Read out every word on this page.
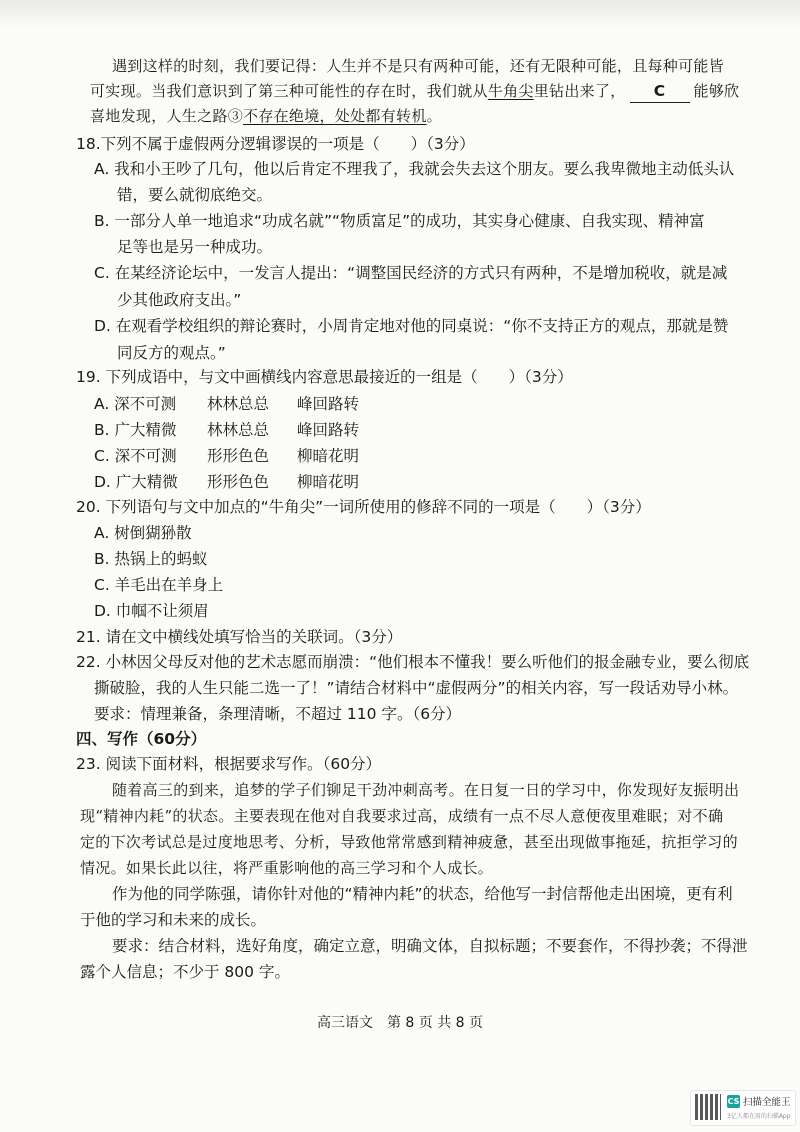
遇到这样的时刻，我们要记得：人生并不是只有两种可能，还有无限种可能，且每种可能皆
可实现。当我们意识到了第三种可能性的存在时，我们就从牛角尖里钻出来了， C 能够欣
喜地发现，人生之路③不存在绝境，处处都有转机。
18.下列不属于虚假两分逻辑谬误的一项是（　　）（3分）
A. 我和小王吵了几句，他以后肯定不理我了，我就会失去这个朋友。要么我卑微地主动低头认
错，要么就彻底绝交。
B. 一部分人单一地追求“功成名就”“物质富足”的成功，其实身心健康、自我实现、精神富
足等也是另一种成功。
C. 在某经济论坛中，一发言人提出：“调整国民经济的方式只有两种，不是增加税收，就是减
少其他政府支出。”
D. 在观看学校组织的辩论赛时，小周肯定地对他的同桌说：“你不支持正方的观点，那就是赞
同反方的观点。”
19. 下列成语中，与文中画横线内容意思最接近的一组是（　　）（3分）
A. 深不可测 林林总总 峰回路转
B. 广大精微 林林总总 峰回路转
C. 深不可测 形形色色 柳暗花明
D. 广大精微 形形色色 柳暗花明
20. 下列语句与文中加点的“牛角尖”一词所使用的修辞不同的一项是（　　）（3分）
A. 树倒猢狲散
B. 热锅上的蚂蚁
C. 羊毛出在羊身上
D. 巾帼不让须眉
21. 请在文中横线处填写恰当的关联词。（3分）
22. 小林因父母反对他的艺术志愿而崩溃：“他们根本不懂我！要么听他们的报金融专业，要么彻底
撕破脸，我的人生只能二选一了！”请结合材料中“虚假两分”的相关内容，写一段话劝导小林。
要求：情理兼备，条理清晰，不超过 110 字。（6分）
四、写作（60分）
23. 阅读下面材料，根据要求写作。（60分）
随着高三的到来，追梦的学子们铆足干劲冲刺高考。在日复一日的学习中，你发现好友振明出
现“精神内耗”的状态。主要表现在他对自我要求过高，成绩有一点不尽人意便夜里难眠；对不确
定的下次考试总是过度地思考、分析，导致他常常感到精神疲惫，甚至出现做事拖延，抗拒学习的
情况。如果长此以往，将严重影响他的高三学习和个人成长。
作为他的同学陈强，请你针对他的“精神内耗”的状态，给他写一封信帮他走出困境，更有利
于他的学习和未来的成长。
要求：结合材料，选好角度，确定立意，明确文体，自拟标题；不要套作，不得抄袭；不得泄
露个人信息；不少于 800 字。
高三语文　第 8 页 共 8 页
CS 扫描全能王
3亿人都在用的扫描App
